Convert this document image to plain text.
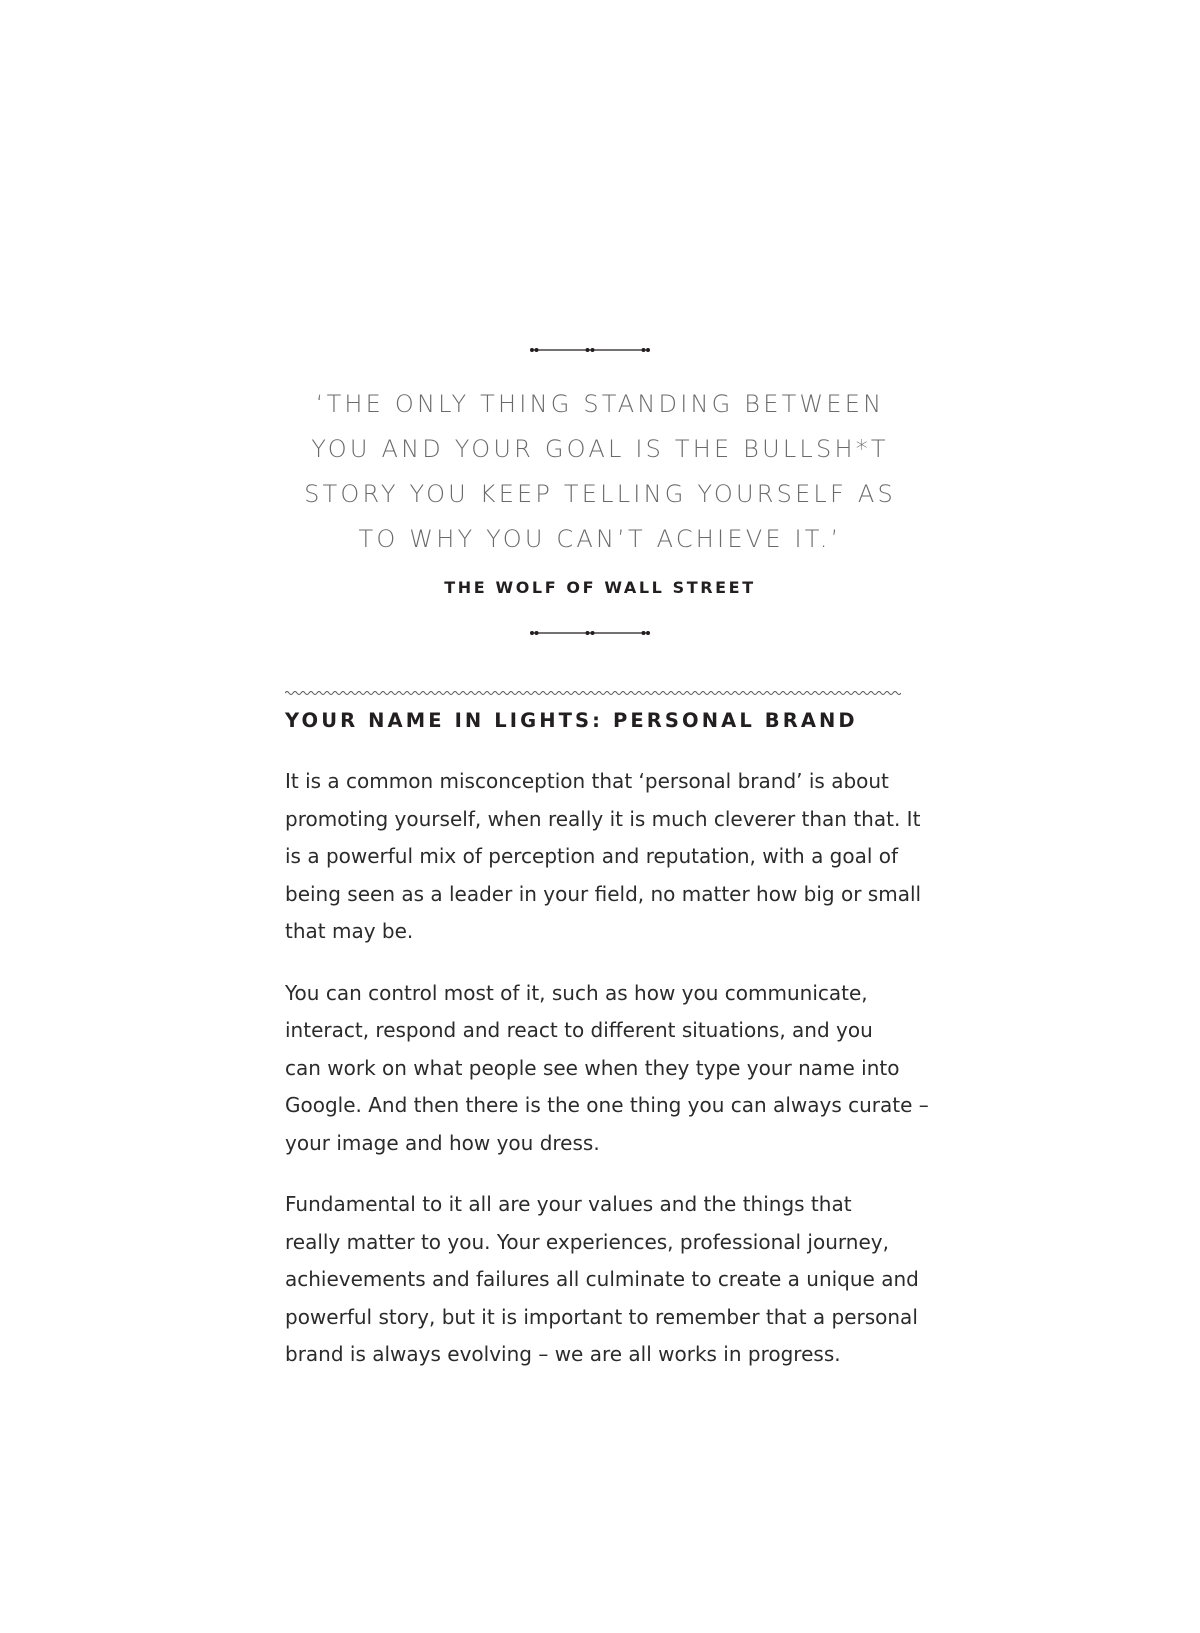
‘THE ONLY THING STANDING BETWEEN
YOU AND YOUR GOAL IS THE BULLSH*T
STORY YOU KEEP TELLING YOURSELF AS
TO WHY YOU CAN’T ACHIEVE IT.’
THE WOLF OF WALL STREET
YOUR NAME IN LIGHTS: PERSONAL BRAND

It is a common misconception that ‘personal brand’ is about
promoting yourself, when really it is much cleverer than that. It
is a powerful mix of perception and reputation, with a goal of
being seen as a leader in your field, no matter how big or small
that may be.

You can control most of it, such as how you communicate,
interact, respond and react to different situations, and you
can work on what people see when they type your name into
Google. And then there is the one thing you can always curate –
your image and how you dress.

Fundamental to it all are your values and the things that
really matter to you. Your experiences, professional journey,
achievements and failures all culminate to create a unique and
powerful story, but it is important to remember that a personal
brand is always evolving – we are all works in progress.
